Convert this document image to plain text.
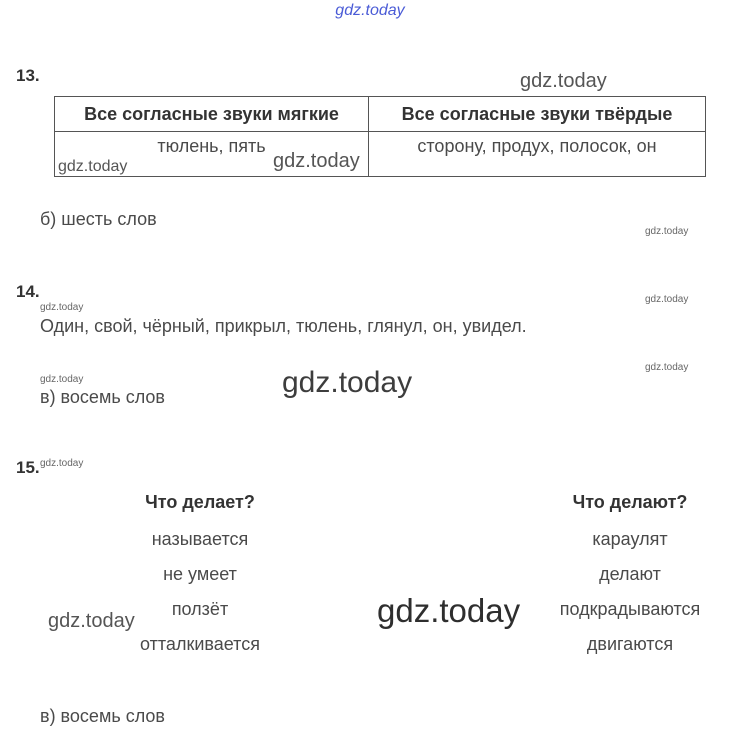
gdz.today
13.
Все согласные звуки мягкие	Все согласные звуки твёрдые
тюлень, пять	сторону, продух, полосок, он
б) шесть слов
14.
Один, свой, чёрный, прикрыл, тюлень, глянул, он, увидел.
в) восемь слов
15.
Что делает?
называется
не умеет
ползёт
отталкивается
Что делают?
караулят
делают
подкрадываются
двигаются
в) восемь слов
gdz.today
gdz.today	gdz.today
gdz.today
gdz.today
gdz.today
gdz.today
gdz.today	gdz.today
gdz.today
gdz.today	gdz.today
